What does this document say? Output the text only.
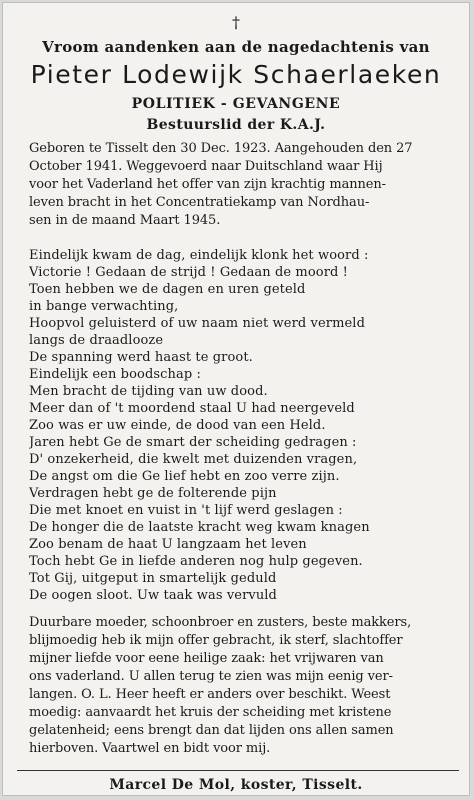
†
Vroom aandenken aan de nagedachtenis van
Pieter Lodewijk Schaerlaeken
POLITIEK - GEVANGENE
Bestuurslid der K.A.J.
Geboren te Tisselt den 30 Dec. 1923. Aangehouden den 27
October 1941. Weggevoerd naar Duitschland waar Hij
voor het Vaderland het offer van zijn krachtig mannen-
leven bracht in het Concentratiekamp van Nordhau-
sen in de maand Maart 1945.
Eindelijk kwam de dag, eindelijk klonk het woord :
Victorie ! Gedaan de strijd ! Gedaan de moord !
Toen hebben we de dagen en uren geteld
in bange verwachting,
Hoopvol geluisterd of uw naam niet werd vermeld
langs de draadlooze
De spanning werd haast te groot.
Eindelijk een boodschap :
Men bracht de tijding van uw dood.
Meer dan of 't moordend staal U had neergeveld
Zoo was er uw einde, de dood van een Held.
Jaren hebt Ge de smart der scheiding gedragen :
D' onzekerheid, die kwelt met duizenden vragen,
De angst om die Ge lief hebt en zoo verre zijn.
Verdragen hebt ge de folterende pijn
Die met knoet en vuist in 't lijf werd geslagen :
De honger die de laatste kracht weg kwam knagen
Zoo benam de haat U langzaam het leven
Toch hebt Ge in liefde anderen nog hulp gegeven.
Tot Gij, uitgeput in smartelijk geduld
De oogen sloot. Uw taak was vervuld
Duurbare moeder, schoonbroer en zusters, beste makkers,
blijmoedig heb ik mijn offer gebracht, ik sterf, slachtoffer
mijner liefde voor eene heilige zaak: het vrijwaren van
ons vaderland. U allen terug te zien was mijn eenig ver-
langen. O. L. Heer heeft er anders over beschikt. Weest
moedig: aanvaardt het kruis der scheiding met kristene
gelatenheid; eens brengt dan dat lijden ons allen samen
hierboven. Vaartwel en bidt voor mij.
Marcel De Mol, koster, Tisselt.
